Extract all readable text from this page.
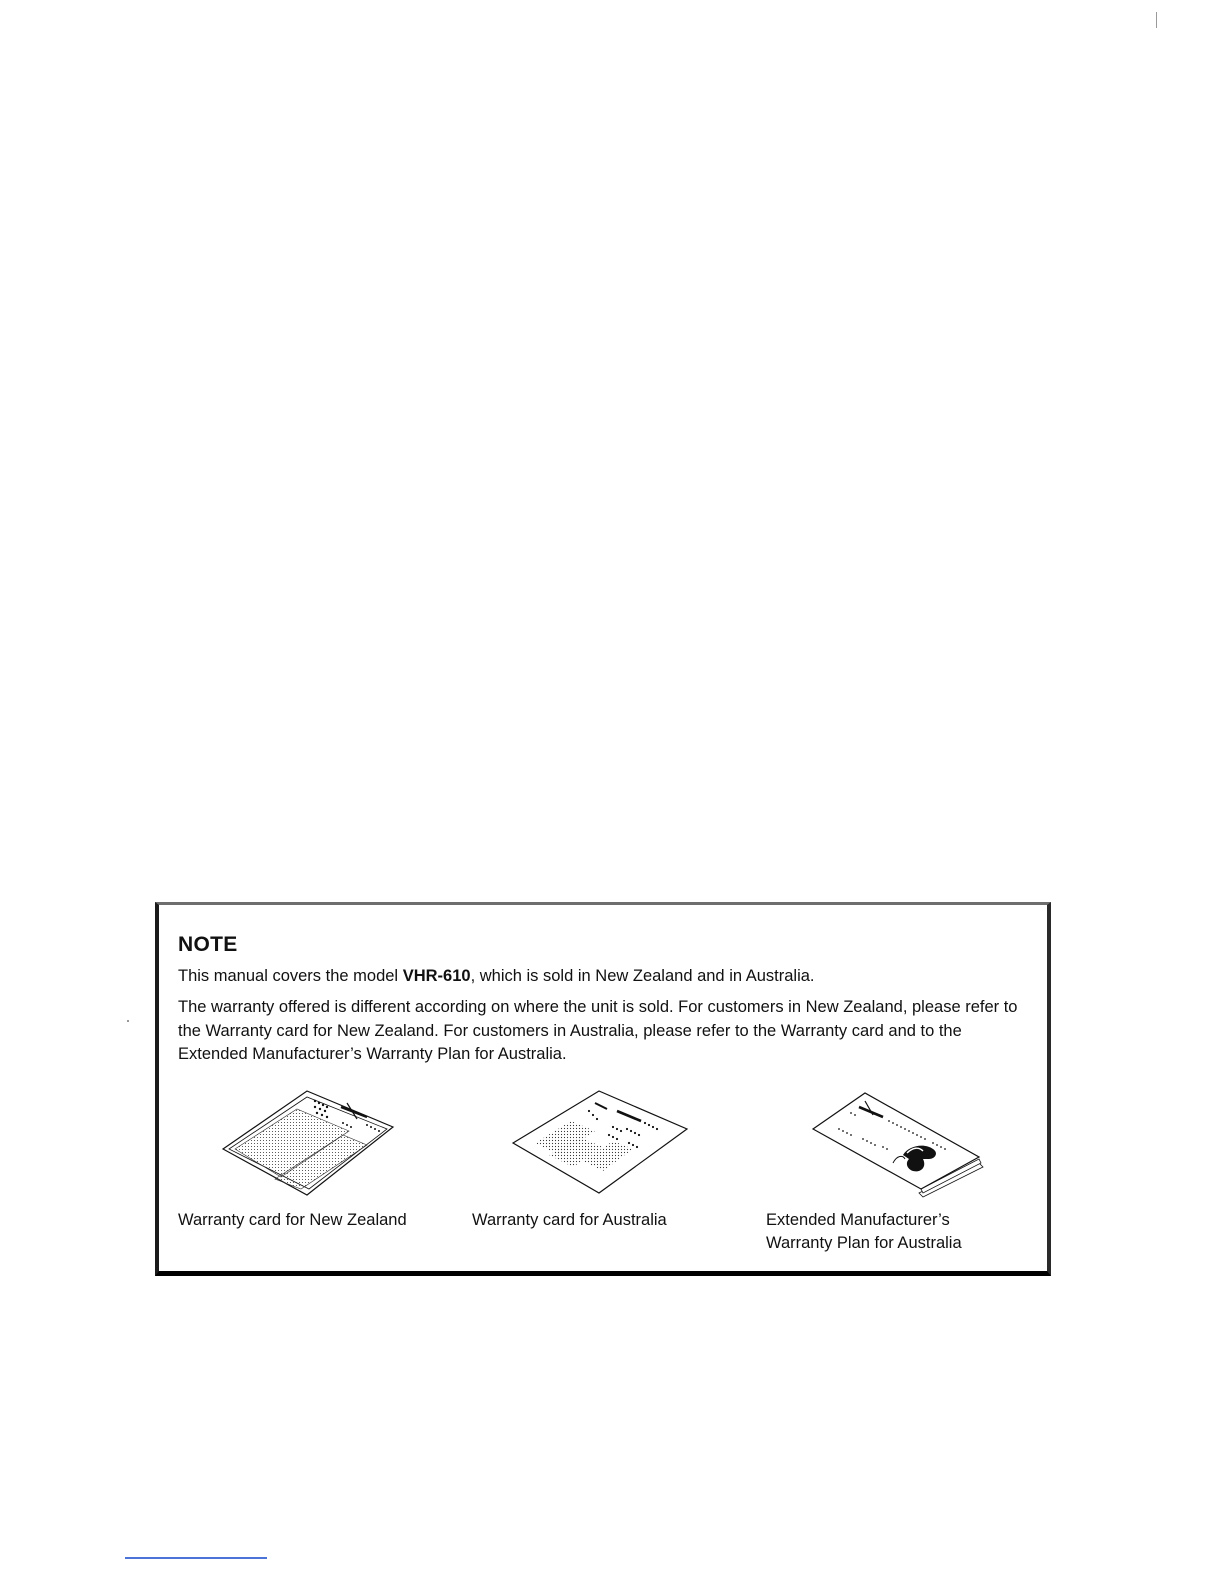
NOTE
This manual covers the model VHR-610, which is sold in New Zealand and in Australia.
The warranty offered is different according on where the unit is sold. For customers in New Zealand, please refer to the Warranty card for New Zealand. For customers in Australia, please refer to the Warranty card and to the Extended Manufacturer’s Warranty Plan for Australia.
Warranty card for New Zealand	Warranty card for Australia	Extended Manufacturer’s
Warranty Plan for Australia
